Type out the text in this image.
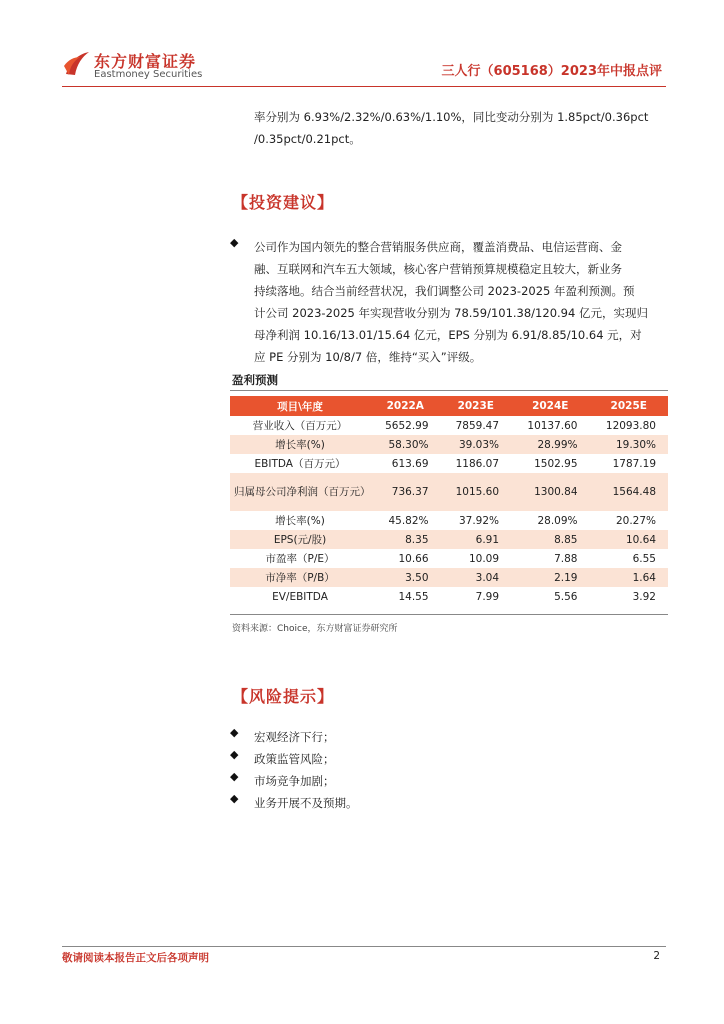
东方财富证券
Eastmoney Securities	三人行（605168）2023年中报点评
率分别为 6.93%/2.32%/0.63%/1.10%，同比变动分别为 1.85pct/0.36pct
/0.35pct/0.21pct。
【投资建议】
◆ 公司作为国内领先的整合营销服务供应商，覆盖消费品、电信运营商、金
融、互联网和汽车五大领域，核心客户营销预算规模稳定且较大，新业务
持续落地。结合当前经营状况，我们调整公司 2023-2025 年盈利预测。预
计公司 2023-2025 年实现营收分别为 78.59/101.38/120.94 亿元，实现归
母净利润 10.16/13.01/15.64 亿元，EPS 分别为 6.91/8.85/10.64 元，对
应 PE 分别为 10/8/7 倍，维持“买入”评级。
盈利预测
项目\年度	2022A	2023E	2024E	2025E
营业收入（百万元）	5652.99	7859.47	10137.60	12093.80
增长率(%)	58.30%	39.03%	28.99%	19.30%
EBITDA（百万元）	613.69	1186.07	1502.95	1787.19
归属母公司净利润（百万元）	736.37	1015.60	1300.84	1564.48
增长率(%)	45.82%	37.92%	28.09%	20.27%
EPS(元/股)	8.35	6.91	8.85	10.64
市盈率（P/E）	10.66	10.09	7.88	6.55
市净率（P/B）	3.50	3.04	2.19	1.64
EV/EBITDA	14.55	7.99	5.56	3.92
资料来源：Choice，东方财富证券研究所
【风险提示】
◆ 宏观经济下行；
◆ 政策监管风险；
◆ 市场竞争加剧；
◆ 业务开展不及预期。
敬请阅读本报告正文后各项声明	2
